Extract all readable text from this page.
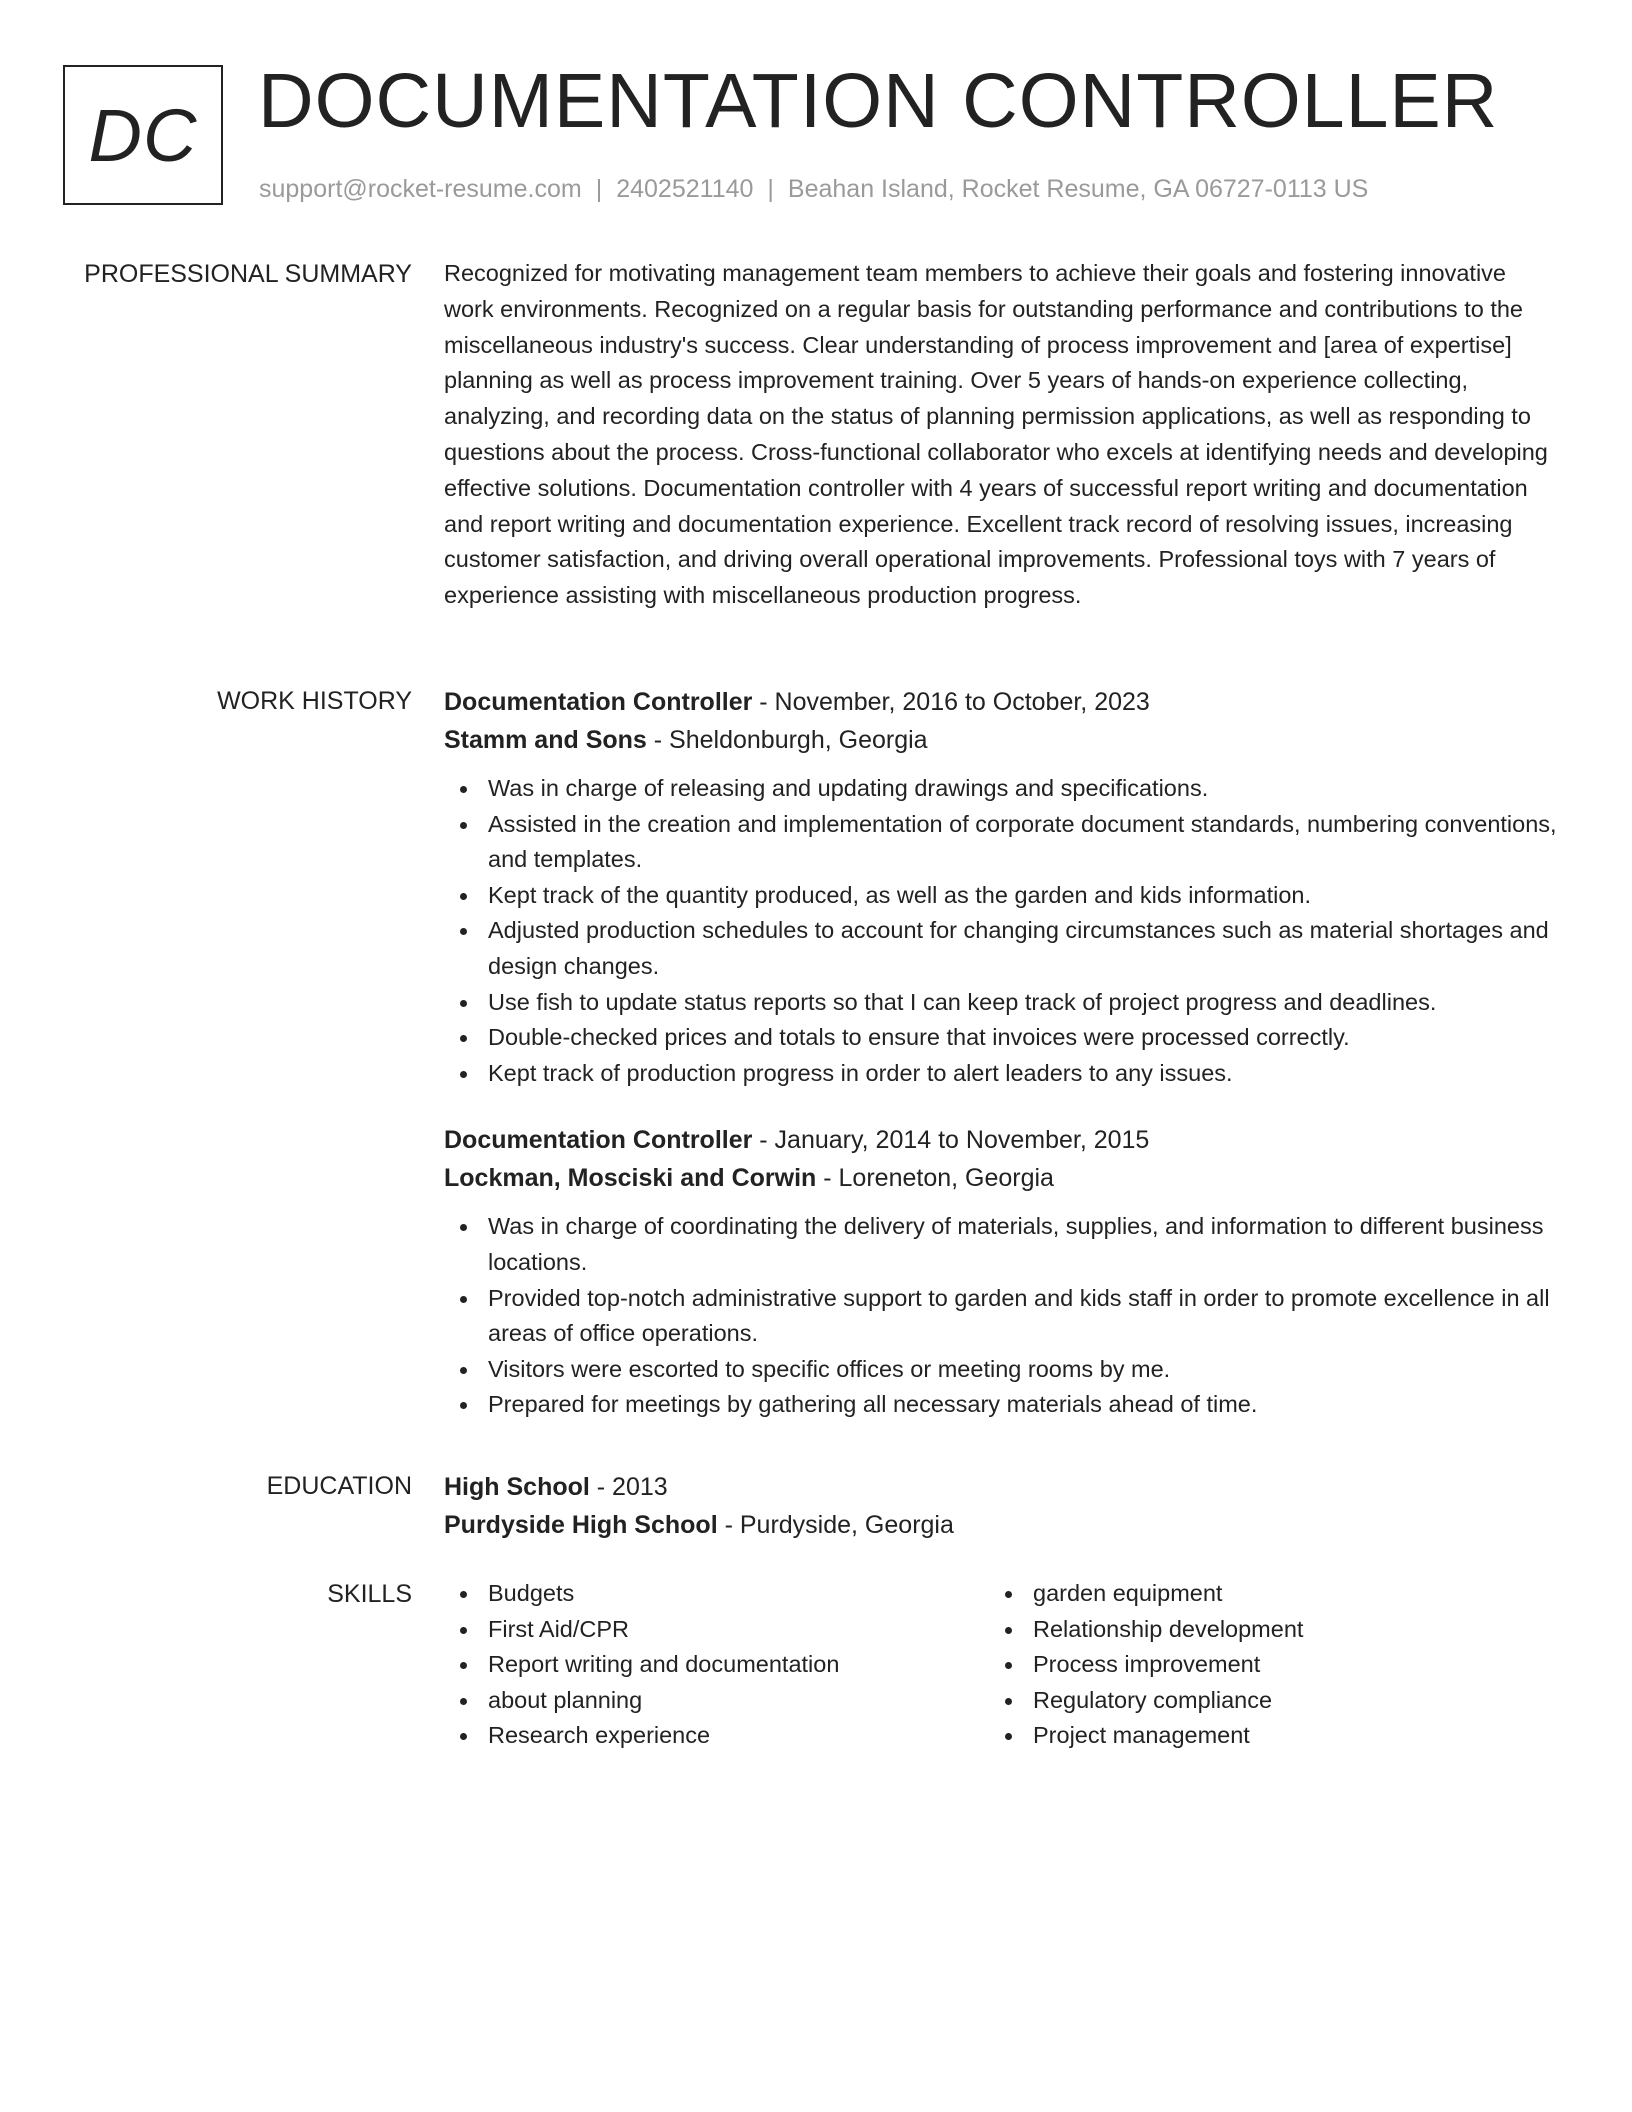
DC DOCUMENTATION CONTROLLER
support@rocket-resume.com | 2402521140 | Beahan Island, Rocket Resume, GA 06727-0113 US
PROFESSIONAL SUMMARY Recognized for motivating management team members to achieve their goals and fostering innovative work environments. Recognized on a regular basis for outstanding performance and contributions to the miscellaneous industry's success. Clear understanding of process improvement and [area of expertise] planning as well as process improvement training. Over 5 years of hands-on experience collecting, analyzing, and recording data on the status of planning permission applications, as well as responding to questions about the process. Cross-functional collaborator who excels at identifying needs and developing effective solutions. Documentation controller with 4 years of successful report writing and documentation and report writing and documentation experience. Excellent track record of resolving issues, increasing customer satisfaction, and driving overall operational improvements. Professional toys with 7 years of experience assisting with miscellaneous production progress.

WORK HISTORY Documentation Controller - November, 2016 to October, 2023
Stamm and Sons - Sheldonburgh, Georgia
Was in charge of releasing and updating drawings and specifications.
Assisted in the creation and implementation of corporate document standards, numbering conventions, and templates.
Kept track of the quantity produced, as well as the garden and kids information.
Adjusted production schedules to account for changing circumstances such as material shortages and design changes.
Use fish to update status reports so that I can keep track of project progress and deadlines.
Double-checked prices and totals to ensure that invoices were processed correctly.
Kept track of production progress in order to alert leaders to any issues.
Documentation Controller - January, 2014 to November, 2015
Lockman, Mosciski and Corwin - Loreneton, Georgia
Was in charge of coordinating the delivery of materials, supplies, and information to different business locations.
Provided top-notch administrative support to garden and kids staff in order to promote excellence in all areas of office operations.
Visitors were escorted to specific offices or meeting rooms by me.
Prepared for meetings by gathering all necessary materials ahead of time.
EDUCATION High School - 2013
Purdyside High School - Purdyside, Georgia
SKILLS	Budgets
First Aid/CPR
Report writing and documentation
about planning
Research experience
garden equipment
Relationship development
Process improvement
Regulatory compliance
Project management
